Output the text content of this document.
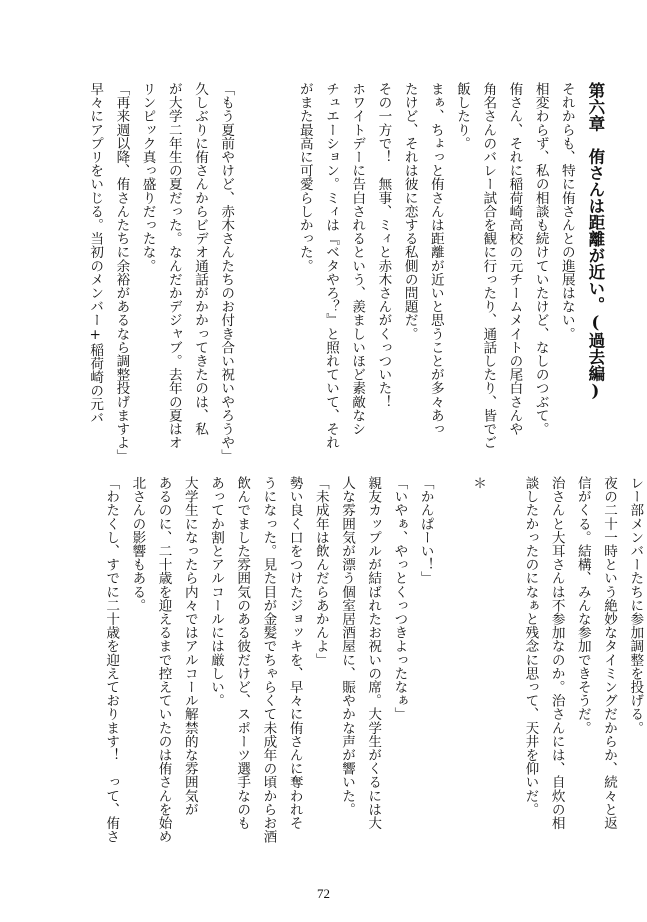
第六章　侑さんは距離が近い。(過去編)
それからも、特に侑さんとの進展はない。
相変わらず、私の相談も続けていたけど、なしのつぶて。
侑さん、それに稲荷崎高校の元チームメイトの尾白さんや
角名さんのバレー試合を観に行ったり、通話したり、皆でご
飯したり。
まぁ、ちょっと侑さんは距離が近いと思うことが多々あっ
たけど、それは彼に恋する私側の問題だ。
その一方で！　無事、ミィと赤木さんがくっついた！
ホワイトデーに告白されるという、羨ましいほど素敵なシ
チュエーション。ミィは『ベタやろ？』と照れていて、それ
がまた最高に可愛らしかった。

「もう夏前やけど、赤木さんたちのお付き合い祝いやろうや」
久しぶりに侑さんからビデオ通話がかかってきたのは、私
が大学二年生の夏だった。なんだかデジャブ。去年の夏はオ
リンピック真っ盛りだったな。
「再来週以降、侑さんたちに余裕があるなら調整投げますよ」
早々にアプリをいじる。当初のメンバー+稲荷崎の元バ
レー部メンバーたちに参加調整を投げる。
夜の二十一時という絶妙なタイミングだからか、続々と返
信がくる。結構、みんな参加できそうだ。
治さんと大耳さんは不参加なのか。治さんには、自炊の相
談したかったのになぁと残念に思って、天井を仰いだ。

＊

「かんぱーい！」
「いやぁ、やっとくっつきよったなぁ」
親友カップルが結ばれたお祝いの席。大学生がくるには大
人な雰囲気が漂う個室居酒屋に、賑やかな声が響いた。
「未成年は飲んだらあかんよ」
勢い良く口をつけたジョッキを、早々に侑さんに奪われそ
うになった。見た目が金髪でちゃらくて未成年の頃からお酒
飲んでました雰囲気のある彼だけど、スポーツ選手なのも
あってか割とアルコールには厳しい。
大学生になったら内々ではアルコール解禁的な雰囲気が
あるのに、二十歳を迎えるまで控えていたのは侑さんを始め
北さんの影響もある。
「わたくし、すでに二十歳を迎えております！　って、侑さ
72
